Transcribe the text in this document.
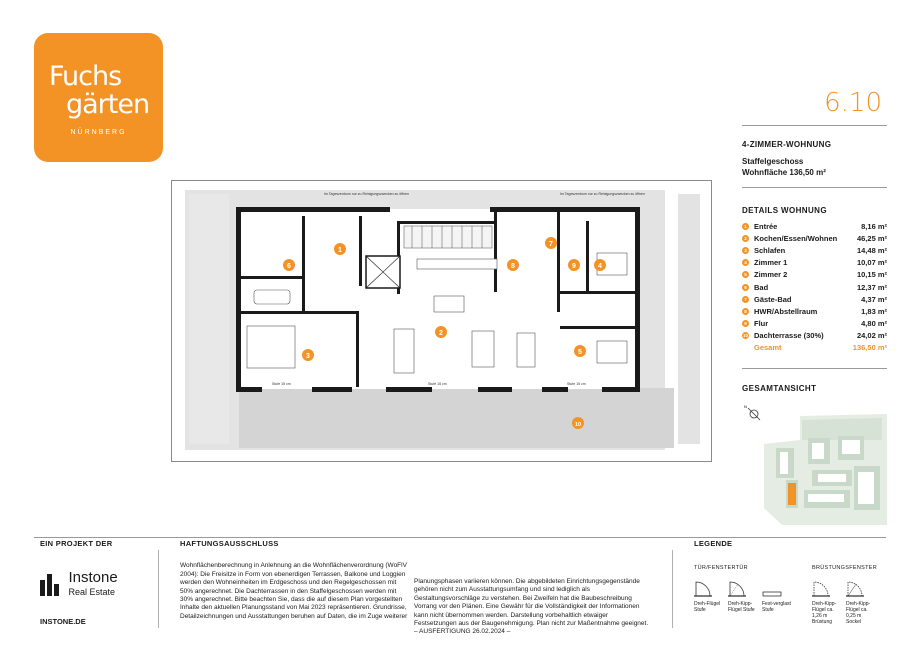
Fuchs
gärten
NÜRNBERG
6.10
4-ZIMMER-WOHNUNG
Staffelgeschoss
Wohnfläche 136,50 m²
DETAILS WOHNUNG
1 Entrée	8,16 m²
2 Kochen/Essen/Wohnen	46,25 m²
3 Schlafen	14,48 m²
4 Zimmer 1	10,07 m²
5 Zimmer 2	10,15 m²
6 Bad	12,37 m²
7 Gäste-Bad	4,37 m²
8 HWR/Abstellraum	1,83 m²
9 Flur	4,80 m²
10 Dachterrasse (30%)	24,02 m²
Gesamt	136,50 m²
GESAMTANSICHT
N
1
2
3
4
5
6
7
8	9
10
Im Tageszentrum nur zu Reinigungszwecken zu öffnen	Im Tageszentrum nur zu Reinigungszwecken zu öffnen
Stufe 15 cm	Stufe 15 cm	Stufe 15 cm
EIN PROJEKT DER
Instone
Real Estate
INSTONE.DE
HAFTUNGSAUSSCHLUSS
Wohnflächenberechnung in Anlehnung an die Wohnflächenverordnung (WoFlV 2004): Die Freisitze in Form von ebenerdigen Terrassen, Balkone und Loggien werden den Wohneinheiten im Erdgeschoss und den Regelgeschossen mit 50% angerechnet. Die Dachterrassen in den Staffelgeschossen werden mit 30% angerechnet. Bitte beachten Sie, dass die auf diesem Plan vorgestellten Inhalte den aktuellen Planungsstand von Mai 2023 repräsentieren. Grundrisse, Detailzeichnungen und Ausstattungen beruhen auf Daten, die im Zuge weiterer
Planungsphasen variieren können. Die abgebildeten Einrichtungsgegenstände gehören nicht zum Ausstattungsumfang und sind lediglich als Gestaltungsvorschläge zu verstehen. Bei Zweifeln hat die Baubeschreibung Vorrang vor den Plänen. Eine Gewähr für die Vollständigkeit der Informationen kann nicht übernommen werden. Darstellung vorbehaltlich etwaiger Festsetzungen aus der Baugenehmigung. Plan nicht zur Maßentnahme geeignet.
– AUSFERTIGUNG 26.02.2024 –
LEGENDE
TÜR/FENSTERTÜR	BRÜSTUNGSFENSTER
Dreh-Flügel Stufe
Dreh-Kipp-Flügel Stufe
Fest-verglast Stufe
Dreh-Kipp-Flügel ca. 1,26 m Brüstung
Dreh-Kipp-Flügel ca. 0,25 m Sockel
